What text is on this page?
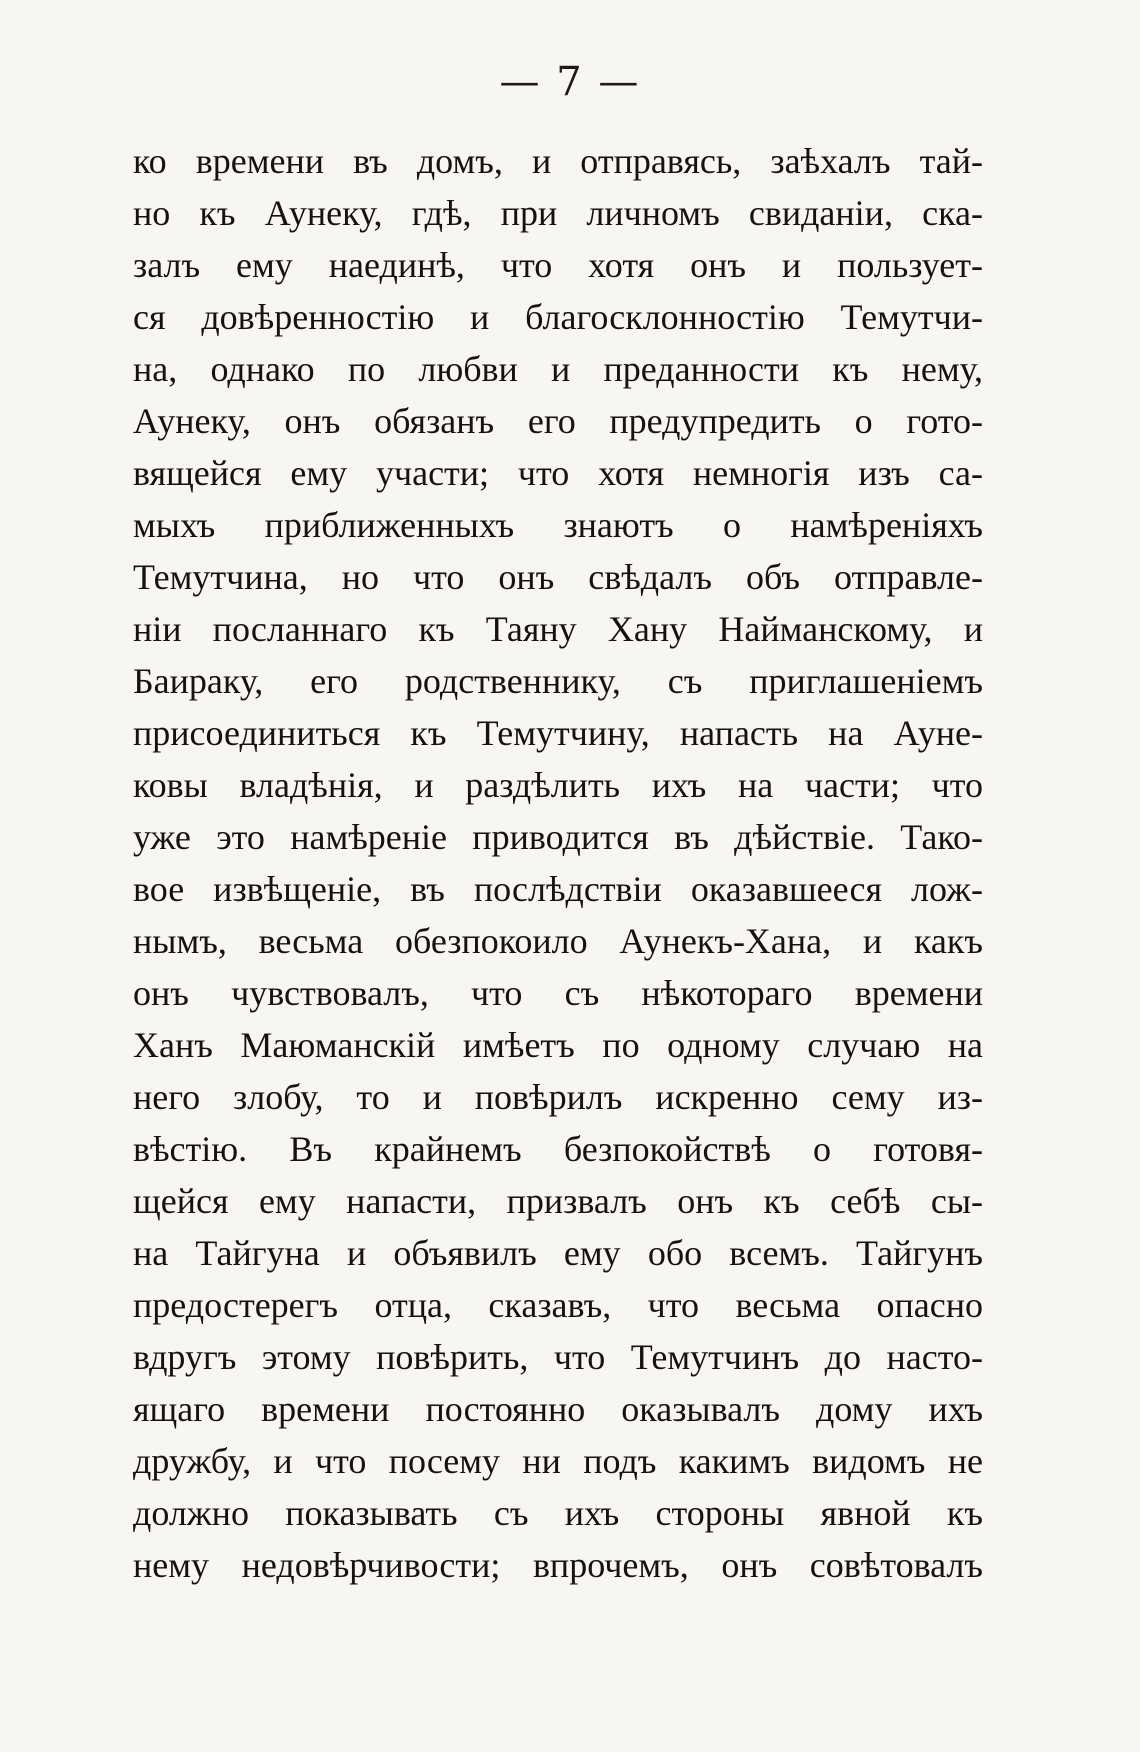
— 7 —
ко времени въ домъ, и отправясь, заѣхалъ тай-
но къ Аунеку, гдѣ, при личномъ свиданіи, ска-
залъ ему наединѣ, что хотя онъ и пользует-
ся довѣренностію и благосклонностію Темутчи-
на, однако по любви и преданности къ нему,
Аунеку, онъ обязанъ его предупредить о гото-
вящейся ему участи; что хотя немногія изъ са-
мыхъ приближенныхъ знаютъ о намѣреніяхъ
Темутчина, но что онъ свѣдалъ объ отправле-
ніи посланнаго къ Таяну Хану Найманскому, и
Баираку, его родственнику, съ приглашеніемъ
присоединиться къ Темутчину, напасть на Ауне-
ковы владѣнія, и раздѣлить ихъ на части; что
уже это намѣреніе приводится въ дѣйствіе. Тако-
вое извѣщеніе, въ послѣдствіи оказавшееся лож-
нымъ, весьма обезпокоило Аунекъ-Хана, и какъ
онъ чувствовалъ, что съ нѣкотораго времени
Ханъ Маюманскій имѣетъ по одному случаю на
него злобу, то и повѣрилъ искренно сему из-
вѣстію. Въ крайнемъ безпокойствѣ о готовя-
щейся ему напасти, призвалъ онъ къ себѣ сы-
на Тайгуна и объявилъ ему обо всемъ. Тайгунъ
предостерегъ отца, сказавъ, что весьма опасно
вдругъ этому повѣрить, что Темутчинъ до насто-
ящаго времени постоянно оказывалъ дому ихъ
дружбу, и что посему ни подъ какимъ видомъ не
должно показывать съ ихъ стороны явной къ
нему недовѣрчивости; впрочемъ, онъ совѣтовалъ
